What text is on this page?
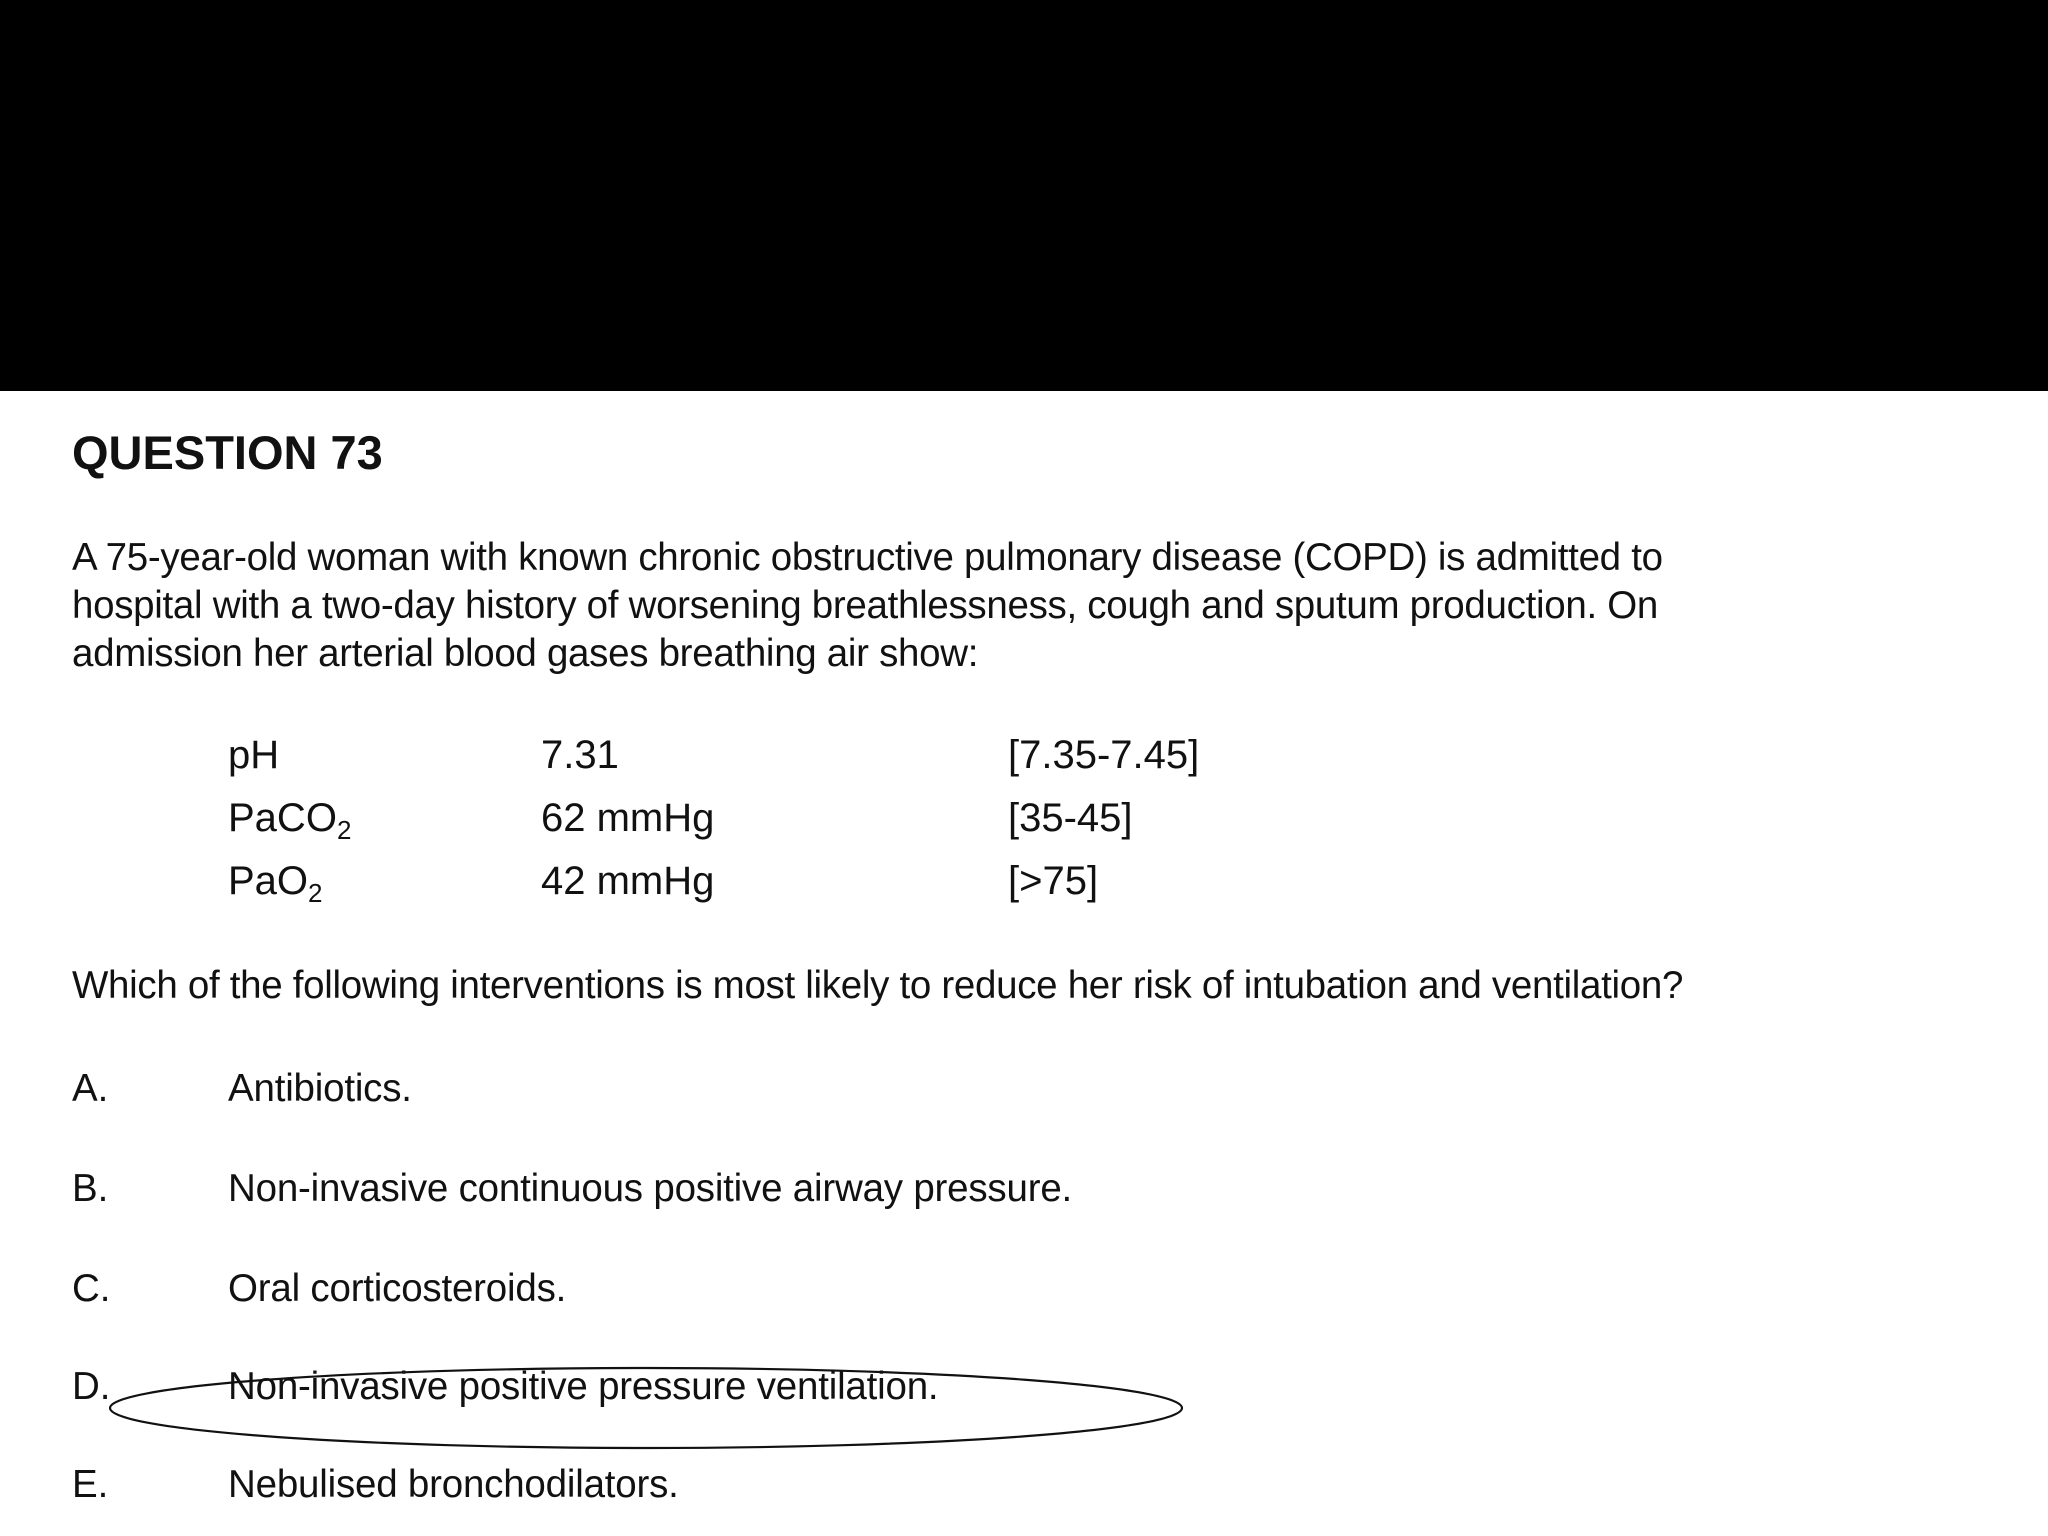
QUESTION 73
A 75-year-old woman with known chronic obstructive pulmonary disease (COPD) is admitted to
hospital with a two-day history of worsening breathlessness, cough and sputum production. On
admission her arterial blood gases breathing air show:
pH	7.31	[7.35-7.45]
PaCO$_2$	62 mmHg	[35-45]
PaO$_2$	42 mmHg	[>75]
Which of the following interventions is most likely to reduce her risk of intubation and ventilation?
A.	Antibiotics.
B.	Non-invasive continuous positive airway pressure.
C.	Oral corticosteroids.
D.	Non-invasive positive pressure ventilation.
E.	Nebulised bronchodilators.
